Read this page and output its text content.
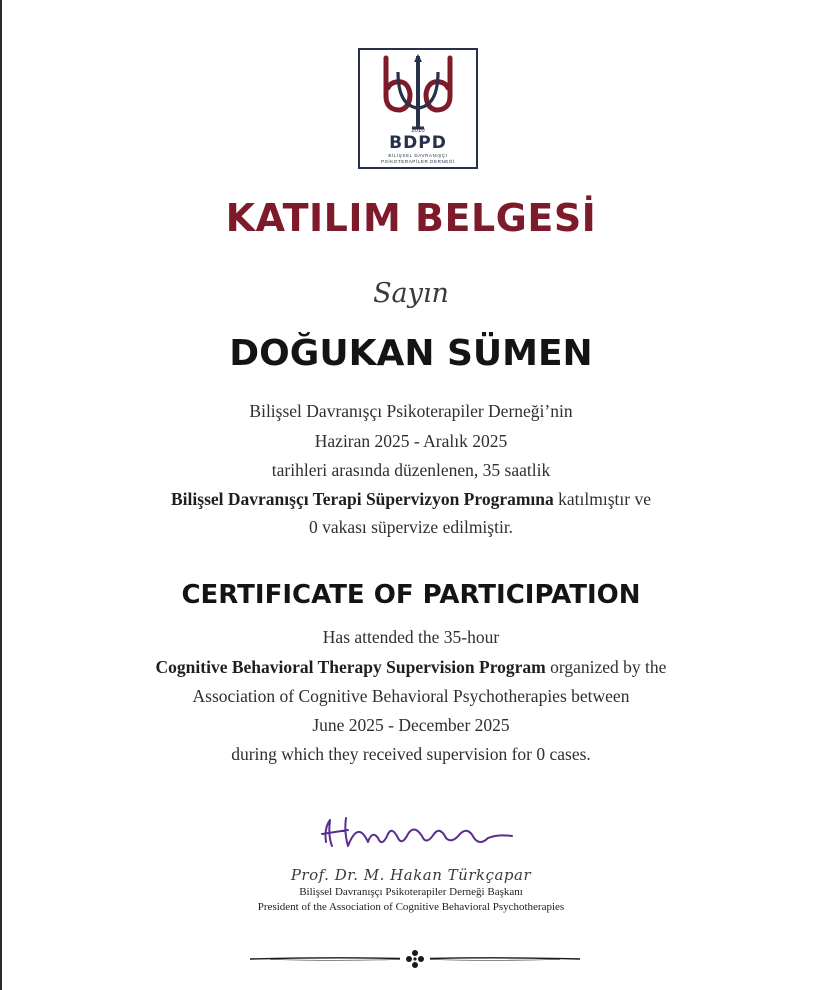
2010
BDPD
BİLİŞSEL DAVRANIŞÇI
PSİKOTERAPİLER DERNEĞİ
KATILIM BELGESİ
Sayın
DOĞUKAN SÜMEN
Bilişsel Davranışçı Psikoterapiler Derneği’nin
Haziran 2025 - Aralık 2025
tarihleri arasında düzenlenen, 35 saatlik
Bilişsel Davranışçı Terapi Süpervizyon Programına katılmıştır ve
0 vakası süpervize edilmiştir.
CERTIFICATE OF PARTICIPATION
Has attended the 35-hour
Cognitive Behavioral Therapy Supervision Program organized by the
Association of Cognitive Behavioral Psychotherapies between
June 2025 - December 2025
during which they received supervision for 0 cases.
Prof. Dr. M. Hakan Türkçapar
Bilişsel Davranışçı Psikoterapiler Derneği Başkanı
President of the Association of Cognitive Behavioral Psychotherapies
